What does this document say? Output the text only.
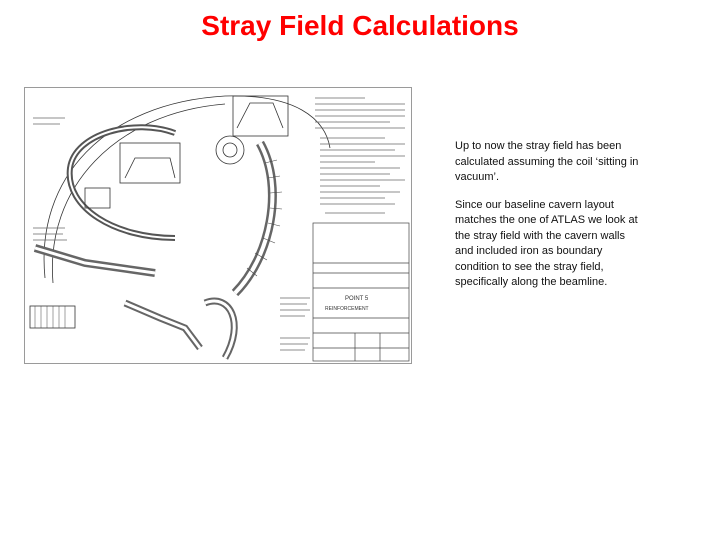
Stray Field Calculations
POINT 5
REINFORCEMENT

Up to now the stray field has been calculated assuming the coil ‘sitting in vacuum’.

Since our baseline cavern layout matches the one of ATLAS we look at the stray field with the cavern walls and included iron as boundary condition to see the stray field, specifically along the beamline.
